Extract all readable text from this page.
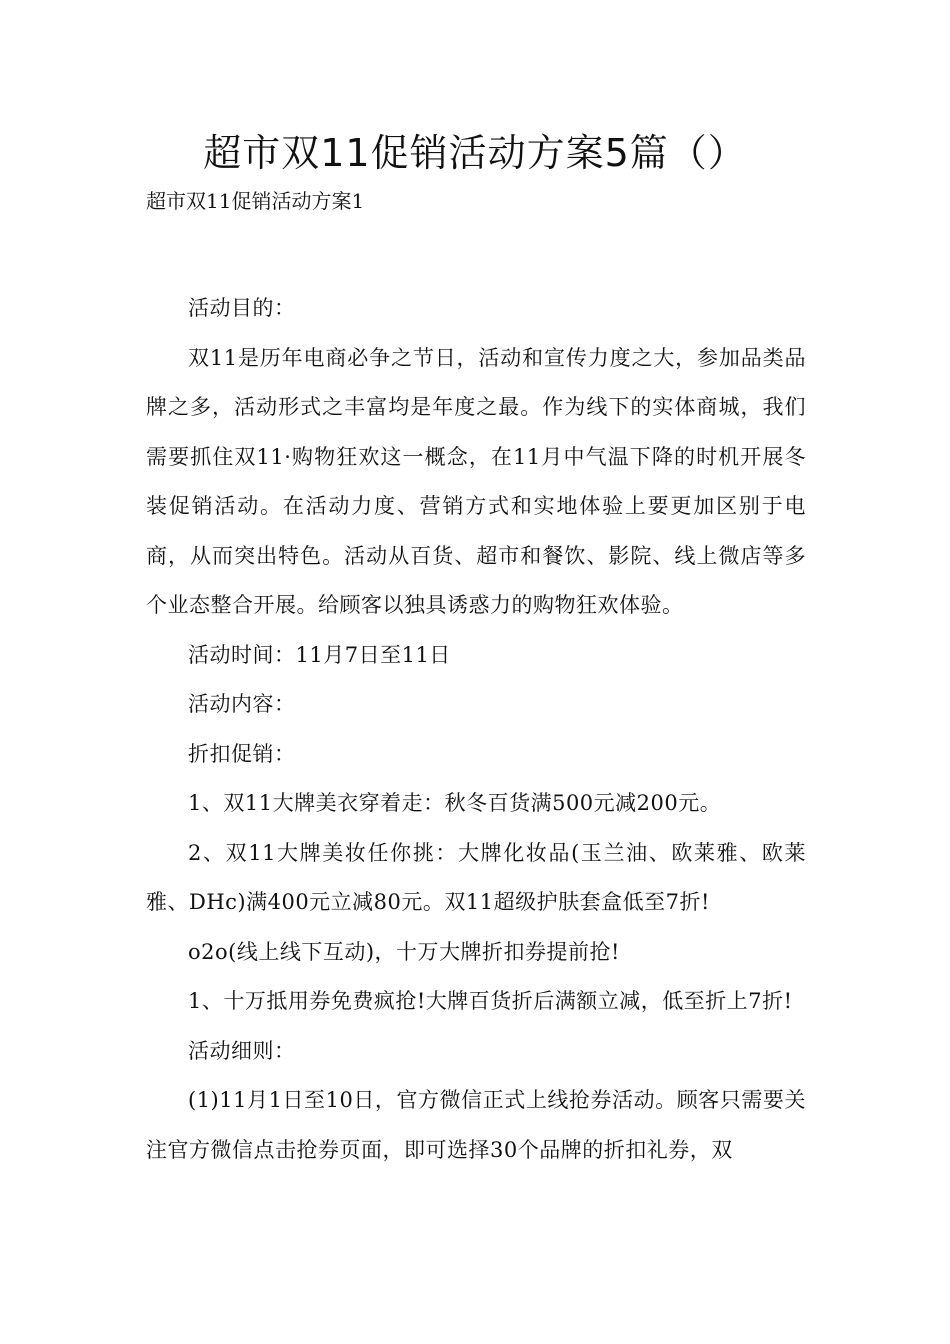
超市双11促销活动方案5篇（）
超市双11促销活动方案1

活动目的：

双11是历年电商必争之节日，活动和宣传力度之大，参加品类品牌之多，活动形式之丰富均是年度之最。作为线下的实体商城，我们需要抓住双11·购物狂欢这一概念，在11月中气温下降的时机开展冬装促销活动。在活动力度、营销方式和实地体验上要更加区别于电商，从而突出特色。活动从百货、超市和餐饮、影院、线上微店等多个业态整合开展。给顾客以独具诱惑力的购物狂欢体验。

活动时间：11月7日至11日

活动内容：

折扣促销：

1、双11大牌美衣穿着走：秋冬百货满500元减200元。

2、双11大牌美妆任你挑：大牌化妆品(玉兰油、欧莱雅、欧莱雅、DHc)满400元立减80元。双11超级护肤套盒低至7折!

o2o(线上线下互动)，十万大牌折扣券提前抢!

1、十万抵用券免费疯抢!大牌百货折后满额立减，低至折上7折!

活动细则：

(1)11月1日至10日，官方微信正式上线抢券活动。顾客只需要关注官方微信点击抢券页面，即可选择30个品牌的折扣礼券，双
